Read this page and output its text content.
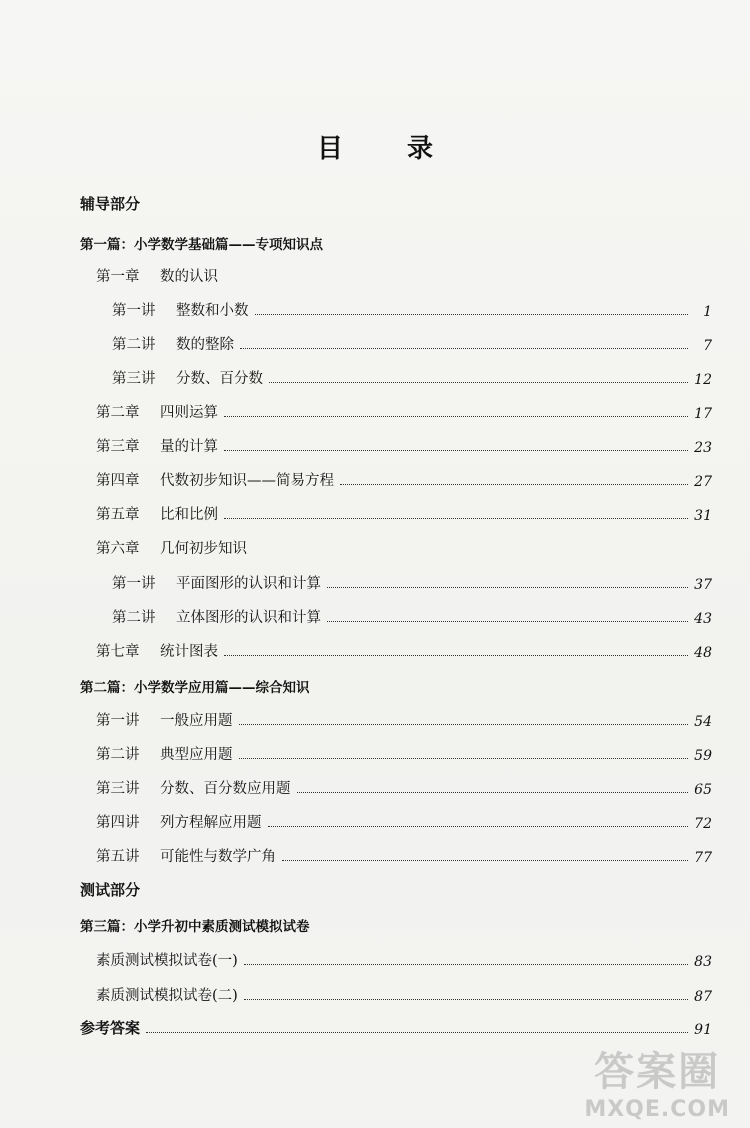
目 录
辅导部分
第一篇：小学数学基础篇——专项知识点
第一章	数的认识
第一讲	整数和小数	1
第二讲	数的整除	7
第三讲	分数、百分数	12
第二章	四则运算	17
第三章	量的计算	23
第四章	代数初步知识——简易方程	27
第五章	比和比例	31
第六章	几何初步知识
第一讲	平面图形的认识和计算	37
第二讲	立体图形的认识和计算	43
第七章	统计图表	48
第二篇：小学数学应用篇——综合知识
第一讲	一般应用题	54
第二讲	典型应用题	59
第三讲	分数、百分数应用题	65
第四讲	列方程解应用题	72
第五讲	可能性与数学广角	77
测试部分
第三篇：小学升初中素质测试模拟试卷
素质测试模拟试卷(一)	83
素质测试模拟试卷(二)	87
参考答案	91
答案圈
MXQE.COM
